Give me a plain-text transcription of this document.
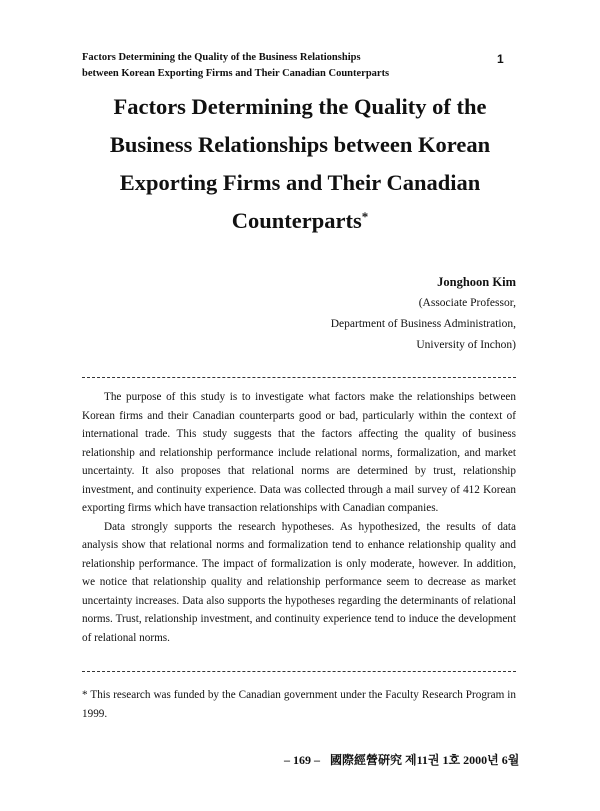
Factors Determining the Quality of the Business Relationships
between Korean Exporting Firms and Their Canadian Counterparts
1
Factors Determining the Quality of the
Business Relationships between Korean
Exporting Firms and Their Canadian
Counterparts*
Jonghoon Kim
(Associate Professor,
Department of Business Administration,
University of Inchon)

The purpose of this study is to investigate what factors make the relationships between Korean firms and their Canadian counterparts good or bad, particularly within the context of international trade. This study suggests that the factors affecting the quality of business relationship and relationship performance include relational norms, formalization, and market uncertainty. It also proposes that relational norms are determined by trust, relationship investment, and continuity experience. Data was collected through a mail survey of 412 Korean exporting firms which have transaction relationships with Canadian companies.

Data strongly supports the research hypotheses. As hypothesized, the results of data analysis show that relational norms and formalization tend to enhance relationship quality and relationship performance. The impact of formalization is only moderate, however. In addition, we notice that relationship quality and relationship performance seem to decrease as market uncertainty increases. Data also supports the hypotheses regarding the determinants of relational norms. Trust, relationship investment, and continuity experience tend to induce the development of relational norms.

* This research was funded by the Canadian government under the Faculty Research Program in 1999.
– 169 – 國際經營硏究 제11권 1호 2000년 6월
